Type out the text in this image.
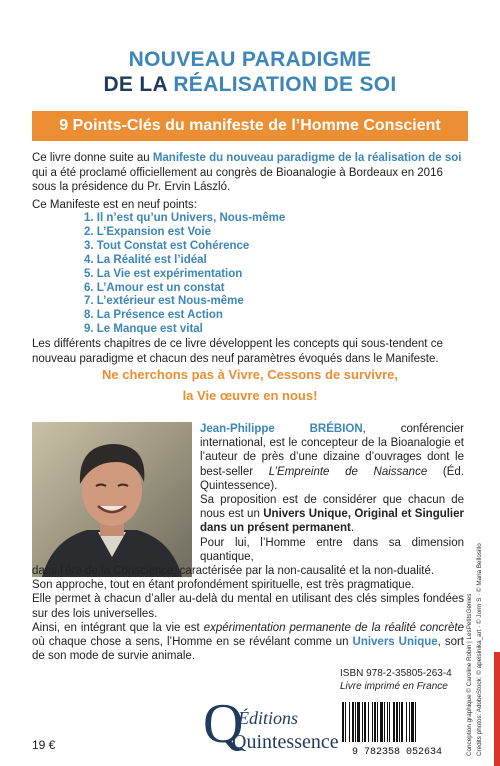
NOUVEAU PARADIGME
DE LA RÉALISATION DE SOI
9 Points-Clés du manifeste de l’Homme Conscient
Ce livre donne suite au Manifeste du nouveau paradigme de la réalisation de soi qui a été proclamé officiellement au congrès de Bioanalogie à Bordeaux en 2016 sous la présidence du Pr. Ervin László.
Ce Manifeste est en neuf points:
1. Il n’est qu’un Univers, Nous-même
2. L’Expansion est Voie
3. Tout Constat est Cohérence
4. La Réalité est l’idéal
5. La Vie est expérimentation
6. L’Amour est un constat
7. L’extérieur est Nous-même
8. La Présence est Action
9. Le Manque est vital
Les différents chapitres de ce livre développent les concepts qui sous-tendent ce nouveau paradigme et chacun des neuf paramètres évoqués dans le Manifeste.
Ne cherchons pas à Vivre, Cessons de survivre,
la Vie œuvre en nous!
Jean-Philippe BRÉBION, conférencier international, est le concepteur de la Bioanalogie et l’auteur de près d’une dizaine d’ouvrages dont le best-seller L’Empreinte de Naissance (Éd. Quintessence).
Sa proposition est de considérer que chacun de nous est un Univers Unique, Original et Singulier dans un présent permanent.
Pour lui, l’Homme entre dans sa dimension quantique,
dans l’ère de la Conscience, caractérisée par la non-causalité et la non-dualité.
Son approche, tout en étant profondément spirituelle, est très pragmatique.
Elle permet à chacun d’aller au-delà du mental en utilisant des clés simples fondées sur des lois universelles.
Ainsi, en intégrant que la vie est expérimentation permanente de la réalité concrète où chaque chose a sens, l’Homme en se révélant comme un Univers Unique, sort de son mode de survie animale.
19 €	Q
Éditions
Quintessence
ISBN 978-2-35805-263-4
Livre imprimé en France
9 782358 052634	Conception graphique © Caroline Robin | LesPetitsGénies Crédits photos: AdobeStock: © apelsinika_art · © Jorm S · © Maria Bellosillo
